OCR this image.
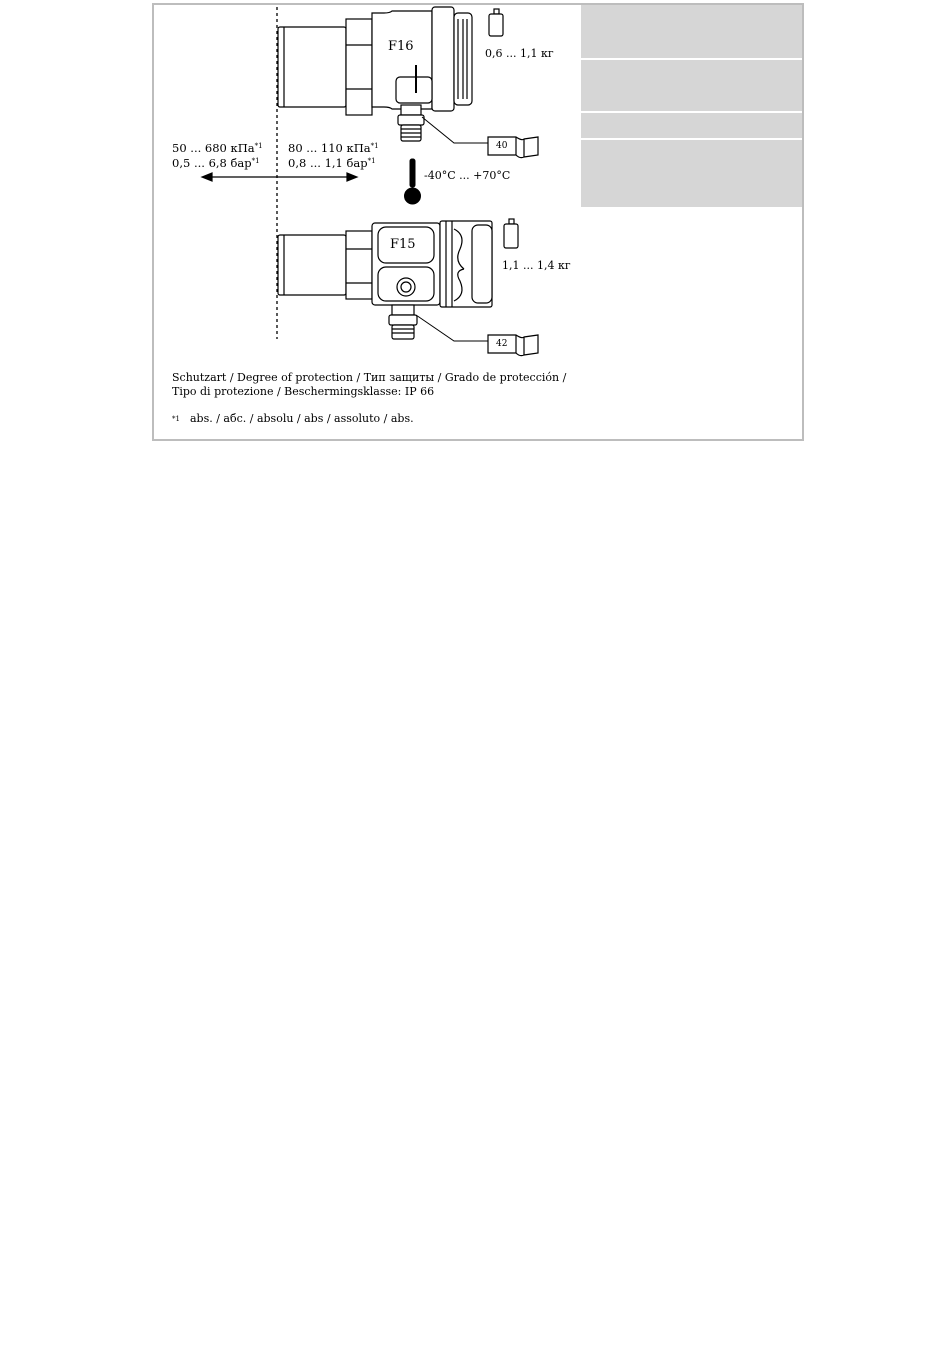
F16
F15
0,6 ... 1,1 кг
1,1 ... 1,4 кг
-40°C ... +70°C
40
42
50 ... 680 кПа$^{*1}$
0,5 ... 6,8 бар$^{*1}$
80 ... 110 кПа$^{*1}$
0,8 ... 1,1 бар$^{*1}$
Schutzart / Degree of protection / Тип защиты / Grado de protección /
Tipo di protezione / Beschermingsklasse: IP 66
$^{*1}$ abs. / абс. / absolu / abs / assoluto / abs.
